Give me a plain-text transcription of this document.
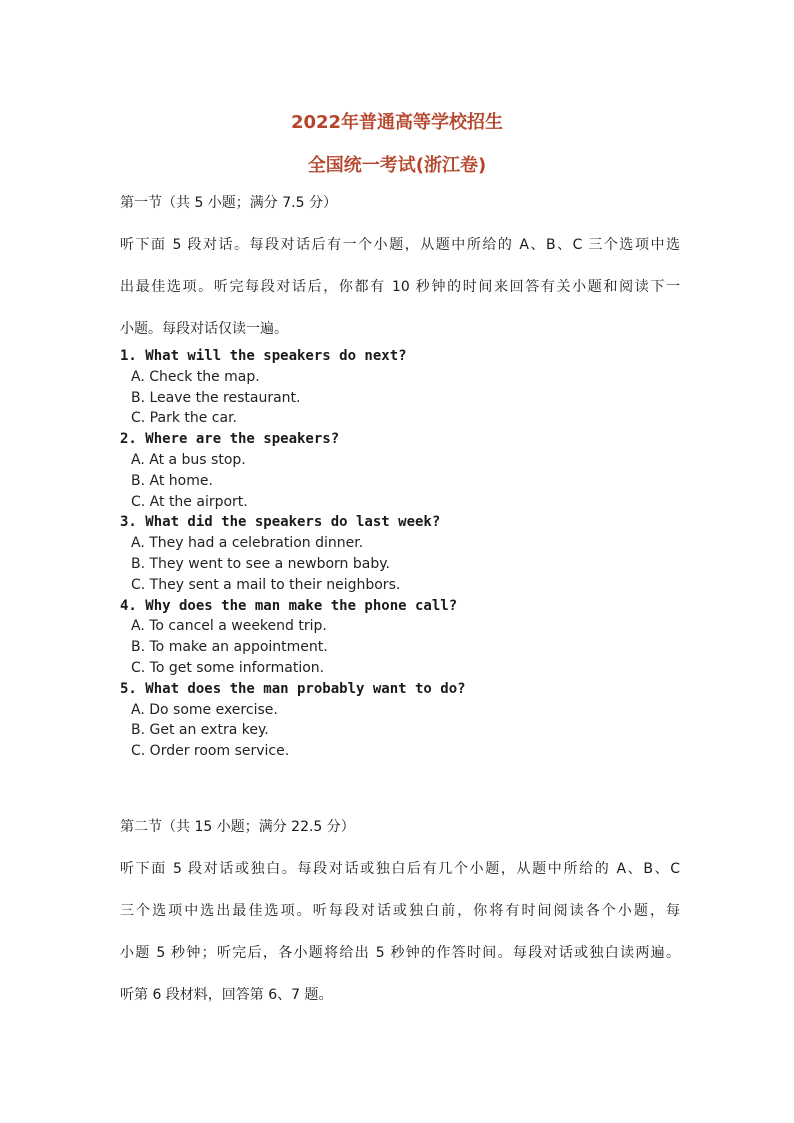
2022年普通高等学校招生
全国统一考试(浙江卷)
第一节（共 5 小题；满分 7.5 分）
听下面 5 段对话。每段对话后有一个小题，从题中所给的 A、B、C 三个选项中选
出最佳选项。听完每段对话后，你都有 10 秒钟的时间来回答有关小题和阅读下一
小题。每段对话仅读一遍。
1. What will the speakers do next?
A. Check the map.
B. Leave the restaurant.
C. Park the car.
2. Where are the speakers?
A. At a bus stop.
B. At home.
C. At the airport.
3. What did the speakers do last week?
A. They had a celebration dinner.
B. They went to see a newborn baby.
C. They sent a mail to their neighbors.
4. Why does the man make the phone call?
A. To cancel a weekend trip.
B. To make an appointment.
C. To get some information.
5. What does the man probably want to do?
A. Do some exercise.
B. Get an extra key.
C. Order room service.
第二节（共 15 小题；满分 22.5 分）
听下面 5 段对话或独白。每段对话或独白后有几个小题，从题中所给的 A、B、C
三个选项中选出最佳选项。听每段对话或独白前，你将有时间阅读各个小题，每
小题 5 秒钟；听完后，各小题将给出 5 秒钟的作答时间。每段对话或独白读两遍。
听第 6 段材料，回答第 6、7 题。
